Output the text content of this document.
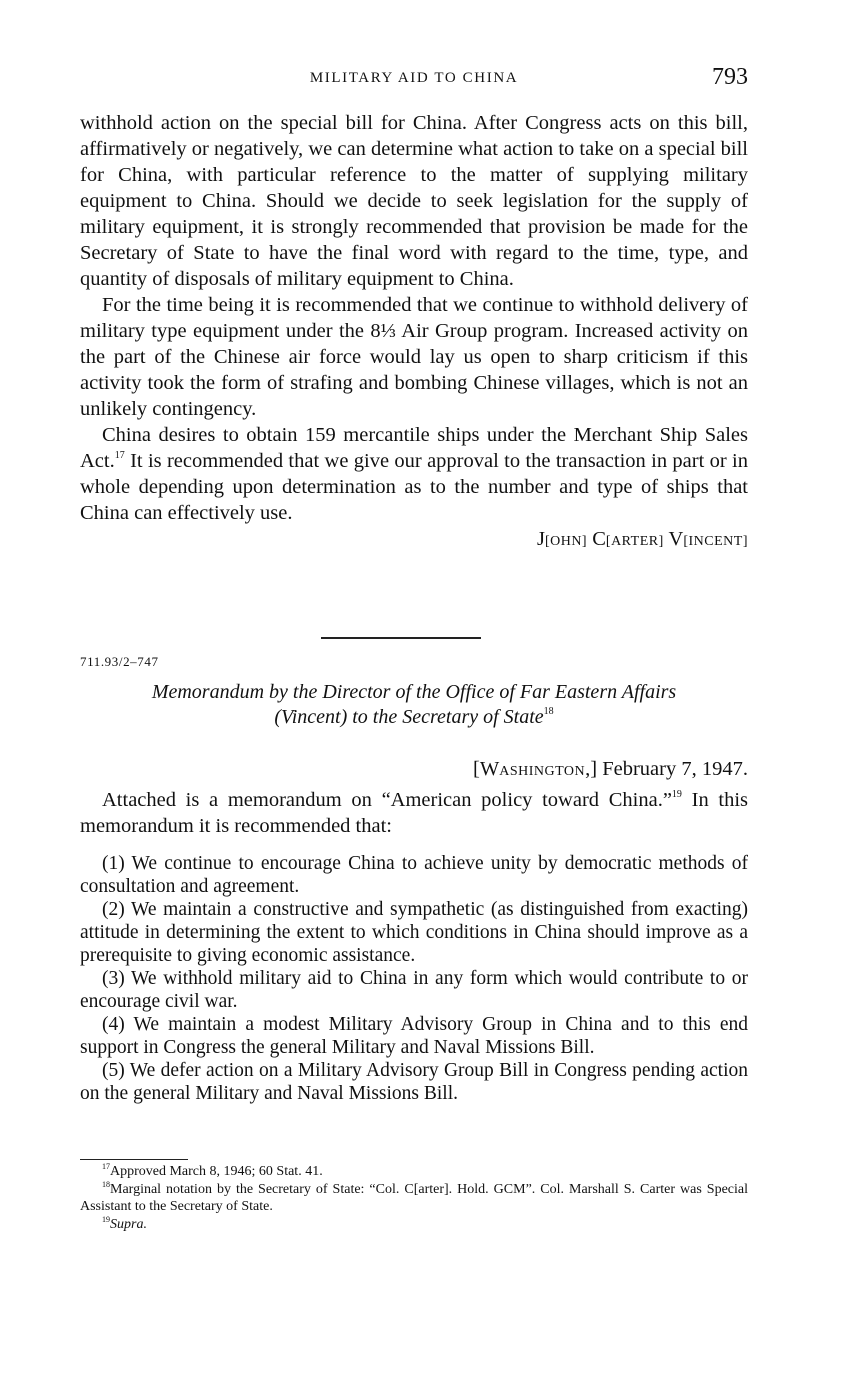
MILITARY AID TO CHINA	793

withhold action on the special bill for China. After Congress acts on this bill, affirmatively or negatively, we can determine what action to take on a special bill for China, with particular reference to the matter of supplying military equipment to China. Should we decide to seek legislation for the supply of military equipment, it is strongly recommended that provision be made for the Secretary of State to have the final word with regard to the time, type, and quantity of disposals of military equipment to China.

For the time being it is recommended that we continue to withhold delivery of military type equipment under the 8⅓ Air Group program. Increased activity on the part of the Chinese air force would lay us open to sharp criticism if this activity took the form of strafing and bombing Chinese villages, which is not an unlikely contingency.

China desires to obtain 159 mercantile ships under the Merchant Ship Sales Act.$^{17}$ It is recommended that we give our approval to the transaction in part or in whole depending upon determination as to the number and type of ships that China can effectively use.

J[OHN] C[ARTER] V[INCENT]
711.93/2–747
Memorandum by the Director of the Office of Far Eastern Affairs
(Vincent) to the Secretary of State$^{18}$
[WASHINGTON,] February 7, 1947.

Attached is a memorandum on “American policy toward China.”$^{19}$ In this memorandum it is recommended that:

(1) We continue to encourage China to achieve unity by democratic methods of consultation and agreement.

(2) We maintain a constructive and sympathetic (as distinguished from exacting) attitude in determining the extent to which conditions in China should improve as a prerequisite to giving economic assistance.

(3) We withhold military aid to China in any form which would contribute to or encourage civil war.

(4) We maintain a modest Military Advisory Group in China and to this end support in Congress the general Military and Naval Missions Bill.

(5) We defer action on a Military Advisory Group Bill in Congress pending action on the general Military and Naval Missions Bill.

$^{17}$Approved March 8, 1946; 60 Stat. 41.

$^{18}$Marginal notation by the Secretary of State: “Col. C[arter]. Hold. GCM”. Col. Marshall S. Carter was Special Assistant to the Secretary of State.

$^{19}$Supra.
